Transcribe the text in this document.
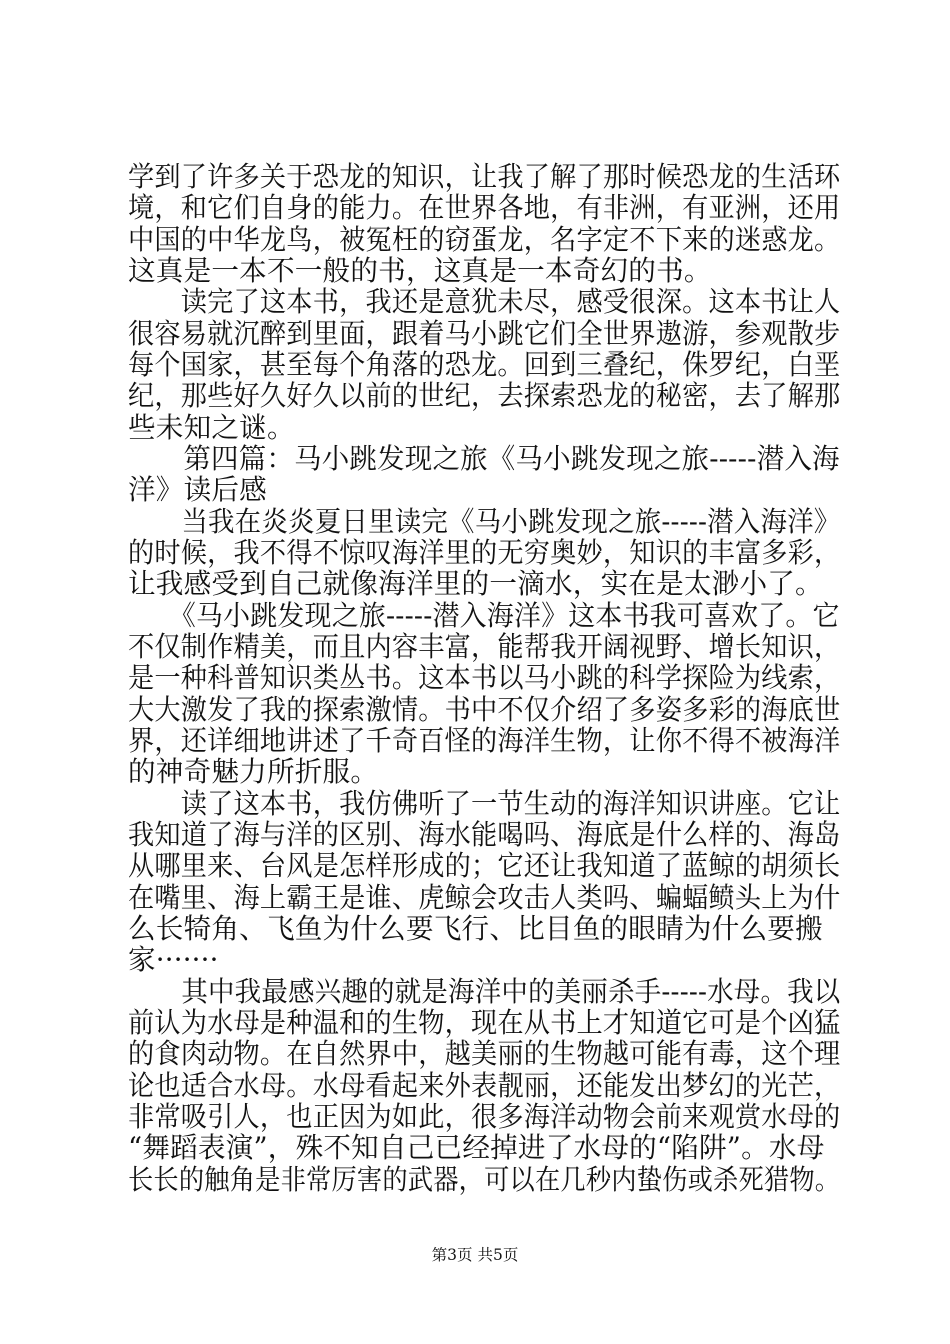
学到了许多关于恐龙的知识，让我了解了那时候恐龙的生活环
境，和它们自身的能力。在世界各地，有非洲，有亚洲，还用
中国的中华龙鸟，被冤枉的窃蛋龙，名字定不下来的迷惑龙。
这真是一本不一般的书，这真是一本奇幻的书。
　　读完了这本书，我还是意犹未尽，感受很深。这本书让人
很容易就沉醉到里面，跟着马小跳它们全世界遨游，参观散步
每个国家，甚至每个角落的恐龙。回到三叠纪，侏罗纪，白垩
纪，那些好久好久以前的世纪，去探索恐龙的秘密，去了解那
些未知之谜。
　　第四篇：马小跳发现之旅《马小跳发现之旅-----潜入海
洋》读后感
　　当我在炎炎夏日里读完《马小跳发现之旅-----潜入海洋》
的时候，我不得不惊叹海洋里的无穷奥妙，知识的丰富多彩，
让我感受到自己就像海洋里的一滴水，实在是太渺小了。
　　《马小跳发现之旅-----潜入海洋》这本书我可喜欢了。它
不仅制作精美，而且内容丰富，能帮我开阔视野、增长知识，
是一种科普知识类丛书。这本书以马小跳的科学探险为线索，
大大激发了我的探索激情。书中不仅介绍了多姿多彩的海底世
界，还详细地讲述了千奇百怪的海洋生物，让你不得不被海洋
的神奇魅力所折服。
　　读了这本书，我仿佛听了一节生动的海洋知识讲座。它让
我知道了海与洋的区别、海水能喝吗、海底是什么样的、海岛
从哪里来、台风是怎样形成的；它还让我知道了蓝鲸的胡须长
在嘴里、海上霸王是谁、虎鲸会攻击人类吗、蝙蝠鲼头上为什
么长犄角、飞鱼为什么要飞行、比目鱼的眼睛为什么要搬
家·······
　　其中我最感兴趣的就是海洋中的美丽杀手-----水母。我以
前认为水母是种温和的生物，现在从书上才知道它可是个凶猛
的食肉动物。在自然界中，越美丽的生物越可能有毒，这个理
论也适合水母。水母看起来外表靓丽，还能发出梦幻的光芒，
非常吸引人，也正因为如此，很多海洋动物会前来观赏水母的
“舞蹈表演”，殊不知自己已经掉进了水母的“陷阱”。水母
长长的触角是非常厉害的武器，可以在几秒内蛰伤或杀死猎物。
第3页 共5页
